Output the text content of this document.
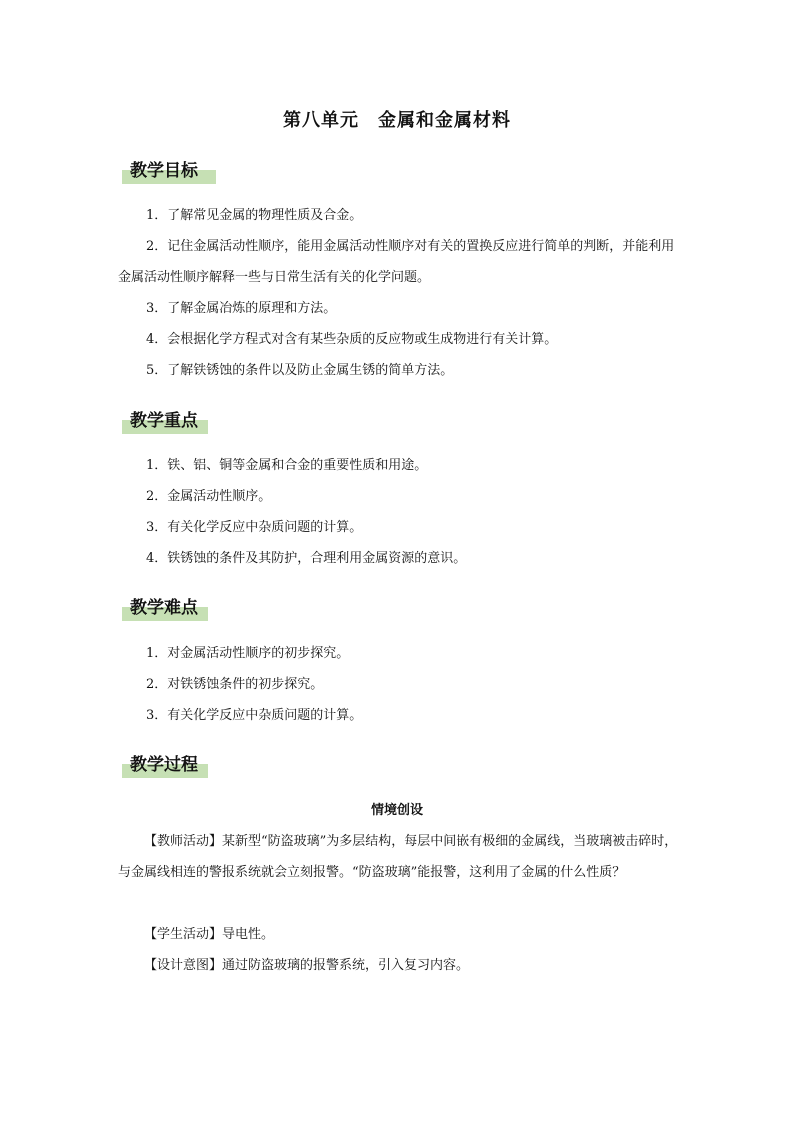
第八单元　金属和金属材料
教学目标

1．了解常见金属的物理性质及合金。

2．记住金属活动性顺序，能用金属活动性顺序对有关的置换反应进行简单的判断，并能利用金属活动性顺序解释一些与日常生活有关的化学问题。

3．了解金属冶炼的原理和方法。

4．会根据化学方程式对含有某些杂质的反应物或生成物进行有关计算。

5．了解铁锈蚀的条件以及防止金属生锈的简单方法。

教学重点

1．铁、铝、铜等金属和合金的重要性质和用途。

2．金属活动性顺序。

3．有关化学反应中杂质问题的计算。

4．铁锈蚀的条件及其防护，合理利用金属资源的意识。

教学难点

1．对金属活动性顺序的初步探究。

2．对铁锈蚀条件的初步探究。

3．有关化学反应中杂质问题的计算。

教学过程
情境创设

【教师活动】某新型“防盗玻璃”为多层结构，每层中间嵌有极细的金属线，当玻璃被击碎时，与金属线相连的警报系统就会立刻报警。“防盗玻璃”能报警，这利用了金属的什么性质？

【学生活动】导电性。

【设计意图】通过防盗玻璃的报警系统，引入复习内容。
